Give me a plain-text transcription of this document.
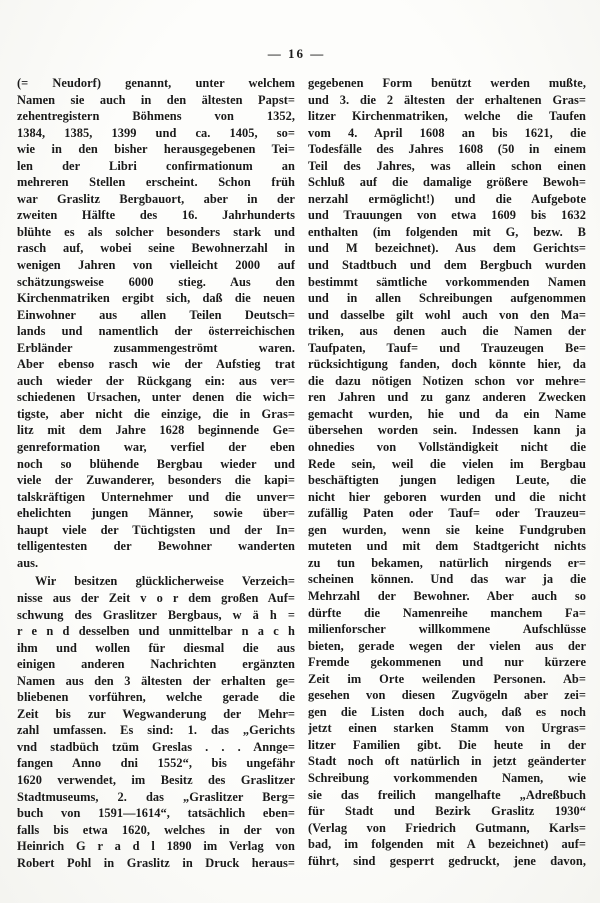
— 16 —
(= Neudorf) genannt, unter welchem
Namen sie auch in den ältesten Papst=
zehentregistern Böhmens von 1352,
1384, 1385, 1399 und ca. 1405, so=
wie in den bisher herausgegebenen Tei=
len der Libri confirmationum an
mehreren Stellen erscheint. Schon früh
war Graslitz Bergbauort, aber in der
zweiten Hälfte des 16. Jahrhunderts
blühte es als solcher besonders stark und
rasch auf, wobei seine Bewohnerzahl in
wenigen Jahren von vielleicht 2000 auf
schätzungsweise 6000 stieg. Aus den
Kirchenmatriken ergibt sich, daß die neuen
Einwohner aus allen Teilen Deutsch=
lands und namentlich der österreichischen
Erbländer zusammengeströmt waren.
Aber ebenso rasch wie der Aufstieg trat
auch wieder der Rückgang ein: aus ver=
schiedenen Ursachen, unter denen die wich=
tigste, aber nicht die einzige, die in Gras=
litz mit dem Jahre 1628 beginnende Ge=
genreformation war, verfiel der eben
noch so blühende Bergbau wieder und
viele der Zuwanderer, besonders die kapi=
talskräftigen Unternehmer und die unver=
ehelichten jungen Männer, sowie über=
haupt viele der Tüchtigsten und der In=
telligentesten der Bewohner wanderten
aus.
Wir besitzen glücklicherweise Verzeich=
nisse aus der Zeit v o r dem großen Auf=
schwung des Graslitzer Bergbaus, w ä h =
r e n d desselben und unmittelbar n a c h
ihm und wollen für diesmal die aus
einigen anderen Nachrichten ergänzten
Namen aus den 3 ältesten der erhalten ge=
bliebenen vorführen, welche gerade die
Zeit bis zur Wegwanderung der Mehr=
zahl umfassen. Es sind: 1. das „Gerichts
vnd stadbüch tzüm Greslas . . . Annge=
fangen Anno dni 1552“, bis ungefähr
1620 verwendet, im Besitz des Graslitzer
Stadtmuseums, 2. das „Graslitzer Berg=
buch von 1591—1614“, tatsächlich eben=
falls bis etwa 1620, welches in der von
Heinrich G r a d l 1890 im Verlag von
Robert Pohl in Graslitz in Druck heraus=
gegebenen Form benützt werden mußte,
und 3. die 2 ältesten der erhaltenen Gras=
litzer Kirchenmatriken, welche die Taufen
vom 4. April 1608 an bis 1621, die
Todesfälle des Jahres 1608 (50 in einem
Teil des Jahres, was allein schon einen
Schluß auf die damalige größere Bewoh=
nerzahl ermöglicht!) und die Aufgebote
und Trauungen von etwa 1609 bis 1632
enthalten (im folgenden mit G, bezw. B
und M bezeichnet). Aus dem Gerichts=
und Stadtbuch und dem Bergbuch wurden
bestimmt sämtliche vorkommenden Namen
und in allen Schreibungen aufgenommen
und dasselbe gilt wohl auch von den Ma=
triken, aus denen auch die Namen der
Taufpaten, Tauf= und Trauzeugen Be=
rücksichtigung fanden, doch könnte hier, da
die dazu nötigen Notizen schon vor mehre=
ren Jahren und zu ganz anderen Zwecken
gemacht wurden, hie und da ein Name
übersehen worden sein. Indessen kann ja
ohnedies von Vollständigkeit nicht die
Rede sein, weil die vielen im Bergbau
beschäftigten jungen ledigen Leute, die
nicht hier geboren wurden und die nicht
zufällig Paten oder Tauf= oder Trauzeu=
gen wurden, wenn sie keine Fundgruben
muteten und mit dem Stadtgericht nichts
zu tun bekamen, natürlich nirgends er=
scheinen können. Und das war ja die
Mehrzahl der Bewohner. Aber auch so
dürfte die Namenreihe manchem Fa=
milienforscher willkommene Aufschlüsse
bieten, gerade wegen der vielen aus der
Fremde gekommenen und nur kürzere
Zeit im Orte weilenden Personen. Ab=
gesehen von diesen Zugvögeln aber zei=
gen die Listen doch auch, daß es noch
jetzt einen starken Stamm von Urgras=
litzer Familien gibt. Die heute in der
Stadt noch oft natürlich in jetzt geänderter
Schreibung vorkommenden Namen, wie
sie das freilich mangelhafte „Adreßbuch
für Stadt und Bezirk Graslitz 1930“
(Verlag von Friedrich Gutmann, Karls=
bad, im folgenden mit A bezeichnet) auf=
führt, sind gesperrt gedruckt, jene davon,
